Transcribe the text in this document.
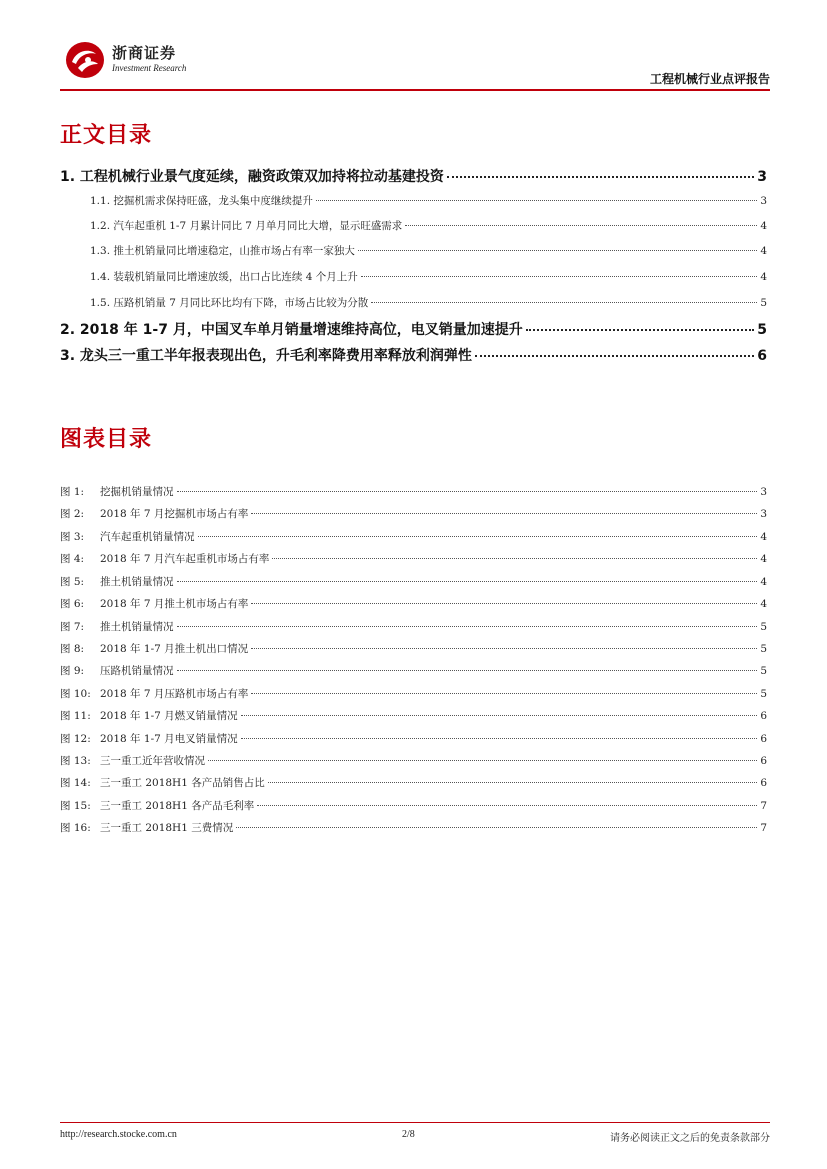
浙商证券
Investment Research
工程机械行业点评报告
正文目录
1. 工程机械行业景气度延续，融资政策双加持将拉动基建投资	3
1.1. 挖掘机需求保持旺盛，龙头集中度继续提升	3
1.2. 汽车起重机 1-7 月累计同比 7 月单月同比大增，显示旺盛需求	4
1.3. 推土机销量同比增速稳定，山推市场占有率一家独大	4
1.4. 装载机销量同比增速放缓，出口占比连续 4 个月上升	4
1.5. 压路机销量 7 月同比环比均有下降，市场占比较为分散	5
2. 2018 年 1-7 月，中国叉车单月销量增速维持高位，电叉销量加速提升	5
3. 龙头三一重工半年报表现出色，升毛利率降费用率释放利润弹性	6
图表目录
图 1: 挖掘机销量情况	3
图 2: 2018 年 7 月挖掘机市场占有率	3
图 3: 汽车起重机销量情况	4
图 4: 2018 年 7 月汽车起重机市场占有率	4
图 5: 推土机销量情况	4
图 6: 2018 年 7 月推土机市场占有率	4
图 7: 推土机销量情况	5
图 8: 2018 年 1-7 月推土机出口情况	5
图 9: 压路机销量情况	5
图 10: 2018 年 7 月压路机市场占有率	5
图 11: 2018 年 1-7 月燃叉销量情况	6
图 12: 2018 年 1-7 月电叉销量情况	6
图 13: 三一重工近年营收情况	6
图 14: 三一重工 2018H1 各产品销售占比	6
图 15: 三一重工 2018H1 各产品毛利率	7
图 16: 三一重工 2018H1 三费情况	7
http://research.stocke.com.cn	2/8	请务必阅读正文之后的免责条款部分
